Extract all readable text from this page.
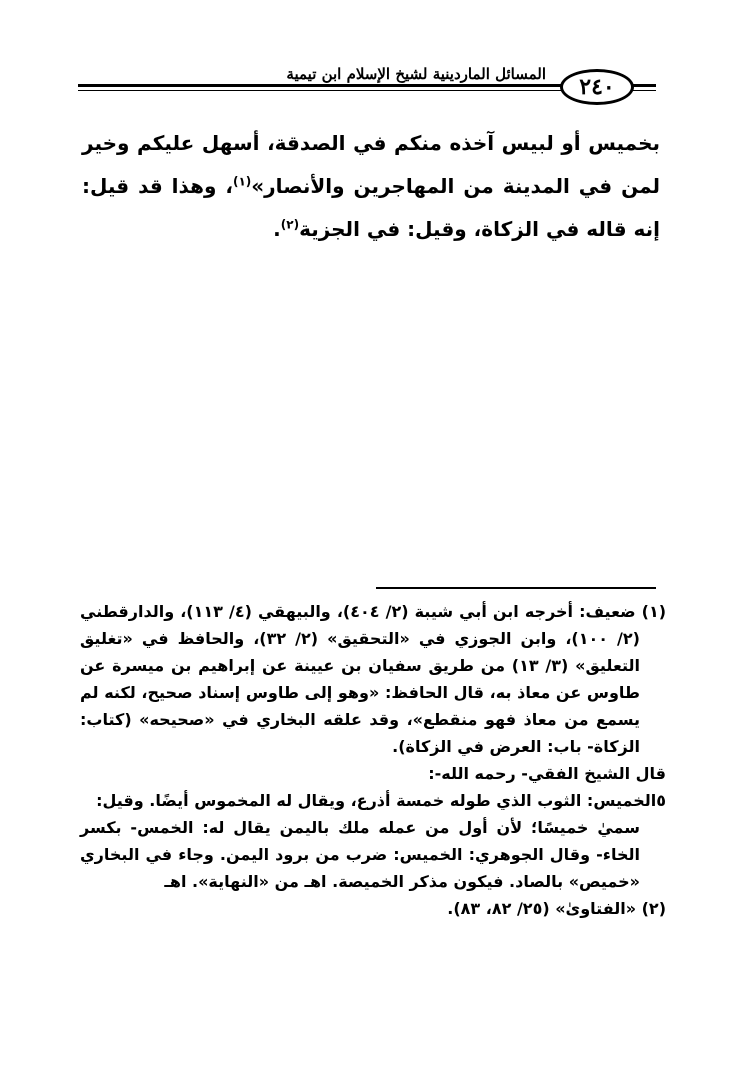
المسائل الماردينية لشيخ الإسلام ابن تيمية ٢٤٠

بخميس أو لبيس آخذه منكم في الصدقة، أسهل عليكم وخير لمن في المدينة من المهاجرين والأنصار»$^{(١)}$، وهذا قد قيل: إنه قاله في الزكاة، وقيل: في الجزية$^{(٢)}$.

(١) ضعيف: أخرجه ابن أبي شيبة (٢/ ٤٠٤)، والبيهقي (٤/ ١١٣)، والدارقطني (٢/ ١٠٠)، وابن الجوزي في «التحقيق» (٢/ ٣٢)، والحافظ في «تغليق التعليق» (٣/ ١٣) من طريق سفيان بن عيينة عن إبراهيم بن ميسرة عن طاوس عن معاذ به، قال الحافظ: «وهو إلى طاوس إسناد صحيح، لكنه لم يسمع من معاذ فهو منقطع»، وقد علقه البخاري في «صحيحه» (كتاب: الزكاة- باب: العرض في الزكاة).

قال الشيخ الفقي- رحمه الله-:

٥الخميس: الثوب الذي طوله خمسة أذرع، ويقال له المخموس أيضًا. وقيل:

سميٰ خميسًا؛ لأن أول من عمله ملك باليمن يقال له: الخمس- بكسر الخاء- وقال الجوهري: الخميس: ضرب من برود اليمن. وجاء في البخاري «خميص» بالصاد. فيكون مذكر الخميصة. اهـ من «النهاية». اهـ

(٢) «الفتاوىٰ» (٢٥/ ٨٢، ٨٣).
